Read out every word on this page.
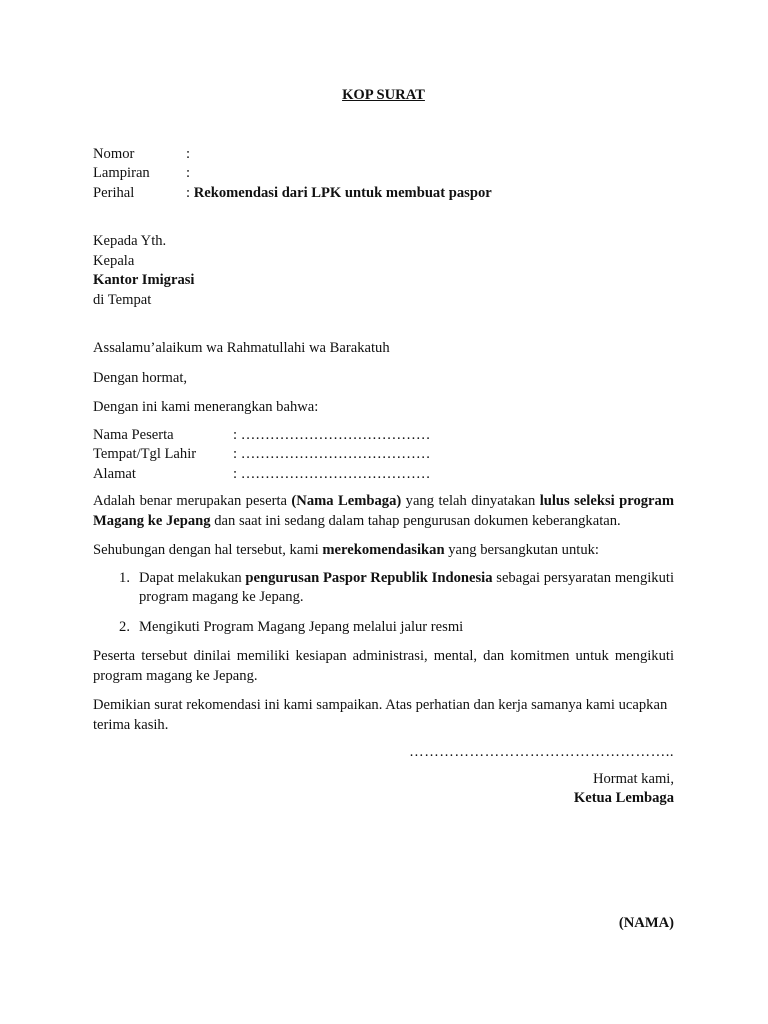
KOP SURAT
Nomor	:
Lampiran	:
Perihal	: Rekomendasi dari LPK untuk membuat paspor
Kepada Yth.
Kepala
Kantor Imigrasi
di Tempat
Assalamu’alaikum wa Rahmatullahi wa Barakatuh
Dengan hormat,
Dengan ini kami menerangkan bahwa:
Nama Peserta	: …………………………………
Tempat/Tgl Lahir	: …………………………………
Alamat	: …………………………………
Adalah benar merupakan peserta (Nama Lembaga) yang telah dinyatakan lulus seleksi program Magang ke Jepang dan saat ini sedang dalam tahap pengurusan dokumen keberangkatan.
Sehubungan dengan hal tersebut, kami merekomendasikan yang bersangkutan untuk:
1. Dapat melakukan pengurusan Paspor Republik Indonesia sebagai persyaratan mengikuti program magang ke Jepang.
2. Mengikuti Program Magang Jepang melalui jalur resmi
Peserta tersebut dinilai memiliki kesiapan administrasi, mental, dan komitmen untuk mengikuti program magang ke Jepang.
Demikian surat rekomendasi ini kami sampaikan. Atas perhatian dan kerja samanya kami ucapkan terima kasih.
……………………………………………..
Hormat kami,
Ketua Lembaga
(NAMA)
